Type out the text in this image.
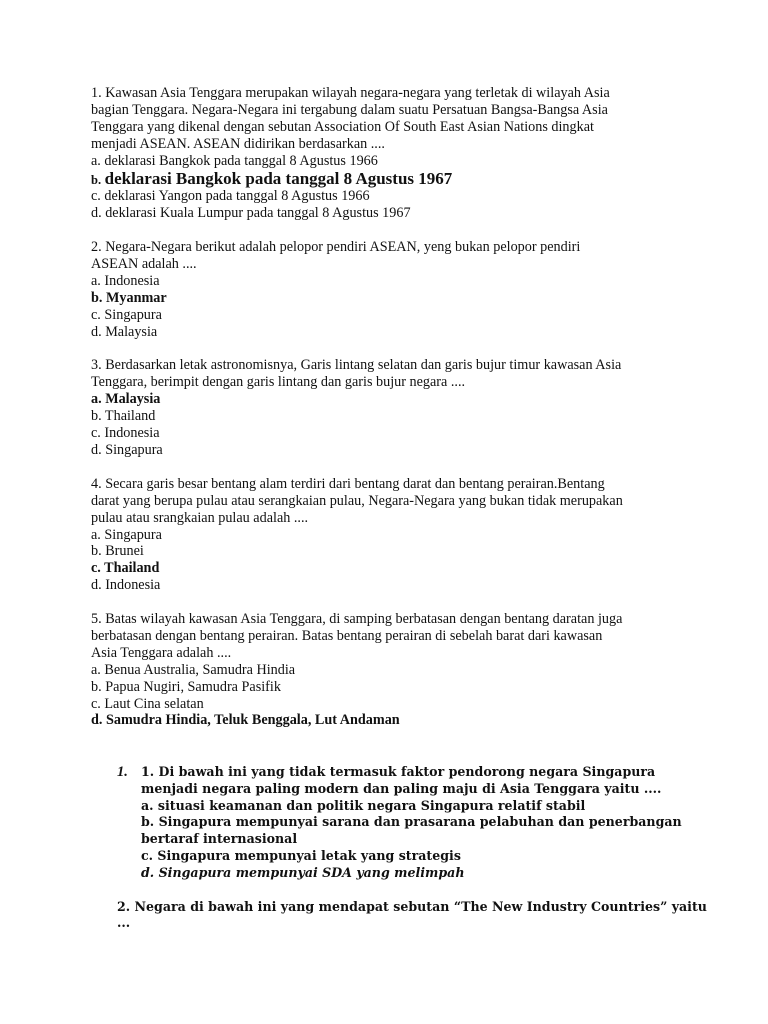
1. Kawasan Asia Tenggara merupakan wilayah negara-negara yang terletak di wilayah Asia
bagian Tenggara. Negara-Negara ini tergabung dalam suatu Persatuan Bangsa-Bangsa Asia
Tenggara yang dikenal dengan sebutan Association Of South East Asian Nations dingkat
menjadi ASEAN. ASEAN didirikan berdasarkan ....
a. deklarasi Bangkok pada tanggal 8 Agustus 1966
b. deklarasi Bangkok pada tanggal 8 Agustus 1967
c. deklarasi Yangon pada tanggal 8 Agustus 1966
d. deklarasi Kuala Lumpur pada tanggal 8 Agustus 1967
2. Negara-Negara berikut adalah pelopor pendiri ASEAN, yeng bukan pelopor pendiri
ASEAN adalah ....
a. Indonesia
b. Myanmar
c. Singapura
d. Malaysia
3. Berdasarkan letak astronomisnya, Garis lintang selatan dan garis bujur timur kawasan Asia
Tenggara, berimpit dengan garis lintang dan garis bujur negara ....
a. Malaysia
b. Thailand
c. Indonesia
d. Singapura
4. Secara garis besar bentang alam terdiri dari bentang darat dan bentang perairan.Bentang
darat yang berupa pulau atau serangkaian pulau, Negara-Negara yang bukan tidak merupakan
pulau atau srangkaian pulau adalah ....
a. Singapura
b. Brunei
c. Thailand
d. Indonesia
5. Batas wilayah kawasan Asia Tenggara, di samping berbatasan dengan bentang daratan juga
berbatasan dengan bentang perairan. Batas bentang perairan di sebelah barat dari kawasan
Asia Tenggara adalah ....
a. Benua Australia, Samudra Hindia
b. Papua Nugiri, Samudra Pasifik
c. Laut Cina selatan
d. Samudra Hindia, Teluk Benggala, Lut Andaman
1. 1. Di bawah ini yang tidak termasuk faktor pendorong negara Singapura
menjadi negara paling modern dan paling maju di Asia Tenggara yaitu ....
a. situasi keamanan dan politik negara Singapura relatif stabil
b. Singapura mempunyai sarana dan prasarana pelabuhan dan penerbangan
bertaraf internasional
c. Singapura mempunyai letak yang strategis
d. Singapura mempunyai SDA yang melimpah
2. Negara di bawah ini yang mendapat sebutan “The New Industry Countries” yaitu
...
